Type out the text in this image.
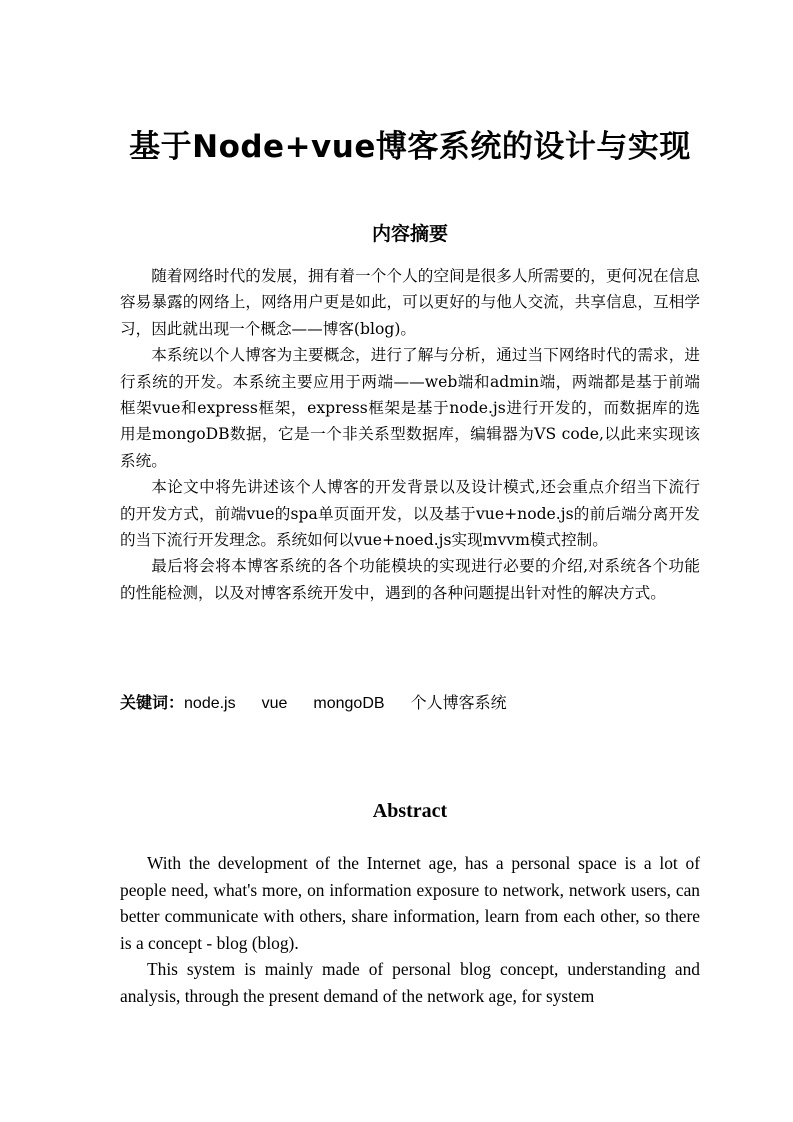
基于Node+vue博客系统的设计与实现
内容摘要

随着网络时代的发展，拥有着一个个人的空间是很多人所需要的，更何况在信息容易暴露的网络上，网络用户更是如此，可以更好的与他人交流，共享信息，互相学习，因此就出现一个概念——博客(blog)。

本系统以个人博客为主要概念，进行了解与分析，通过当下网络时代的需求，进行系统的开发。本系统主要应用于两端——web端和admin端，两端都是基于前端框架vue和express框架，express框架是基于node.js进行开发的，而数据库的选用是mongoDB数据，它是一个非关系型数据库，编辑器为VS code,以此来实现该系统。

本论文中将先讲述该个人博客的开发背景以及设计模式,还会重点介绍当下流行的开发方式，前端vue的spa单页面开发，以及基于vue+node.js的前后端分离开发的当下流行开发理念。系统如何以vue+noed.js实现mvvm模式控制。

最后将会将本博客系统的各个功能模块的实现进行必要的介绍,对系统各个功能的性能检测，以及对博客系统开发中，遇到的各种问题提出针对性的解决方式。

关键词：node.js vue mongoDB 个人博客系统
Abstract

With the development of the Internet age, has a personal space is a lot of people need, what's more, on information exposure to network, network users, can better communicate with others, share information, learn from each other, so there is a concept - blog (blog).

This system is mainly made of personal blog concept, understanding and analysis, through the present demand of the network age, for system
